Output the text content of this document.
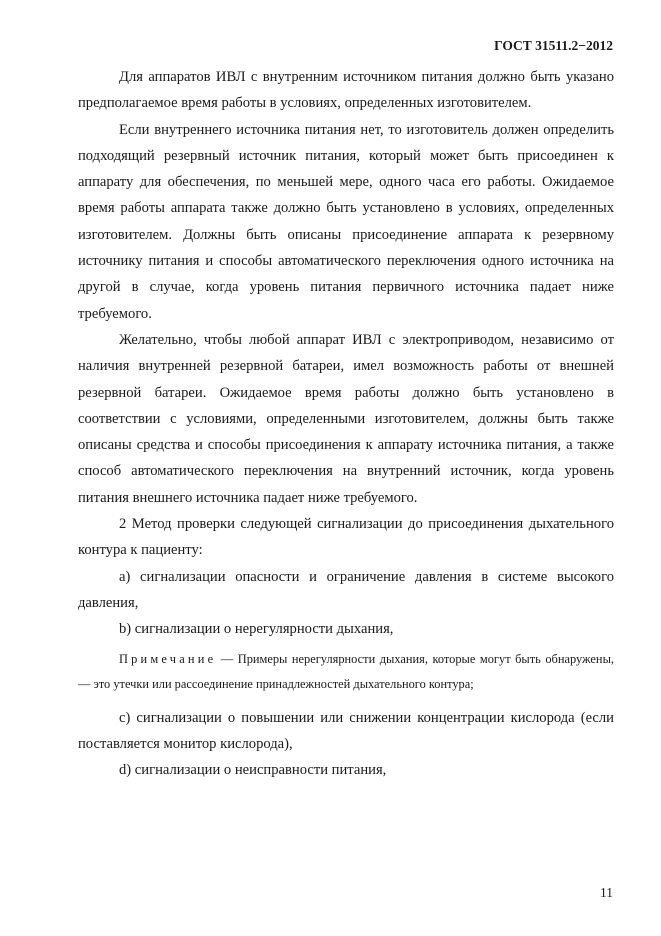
ГОСТ 31511.2−2012

Для аппаратов ИВЛ с внутренним источником питания должно быть указано предполагаемое время работы в условиях, определенных изготовителем.

Если внутреннего источника питания нет, то изготовитель должен определить подходящий резервный источник питания, который может быть присоединен к аппарату для обеспечения, по меньшей мере, одного часа его работы. Ожидаемое время работы аппарата также должно быть установлено в условиях, определенных изготовителем. Должны быть описаны присоединение аппарата к резервному источнику питания и способы автоматического переключения одного источника на другой в случае, когда уровень питания первичного источника падает ниже требуемого.

Желательно, чтобы любой аппарат ИВЛ с электроприводом, независимо от наличия внутренней резервной батареи, имел возможность работы от внешней резервной батареи. Ожидаемое время работы должно быть установлено в соответствии с условиями, определенными изготовителем, должны быть также описаны средства и способы присоединения к аппарату источника питания, а также способ автоматического переключения на внутренний источник, когда уровень питания внешнего источника падает ниже требуемого.

2 Метод проверки следующей сигнализации до присоединения дыхательного контура к пациенту:

а) сигнализации опасности и ограничение давления в системе высокого давления,

b) сигнализации о нерегулярности дыхания,

Примечание — Примеры нерегулярности дыхания, которые могут быть обнаружены, — это утечки или рассоединение принадлежностей дыхательного контура;

с) сигнализации о повышении или снижении концентрации кислорода (если поставляется монитор кислорода),

d) сигнализации о неисправности питания,

11
